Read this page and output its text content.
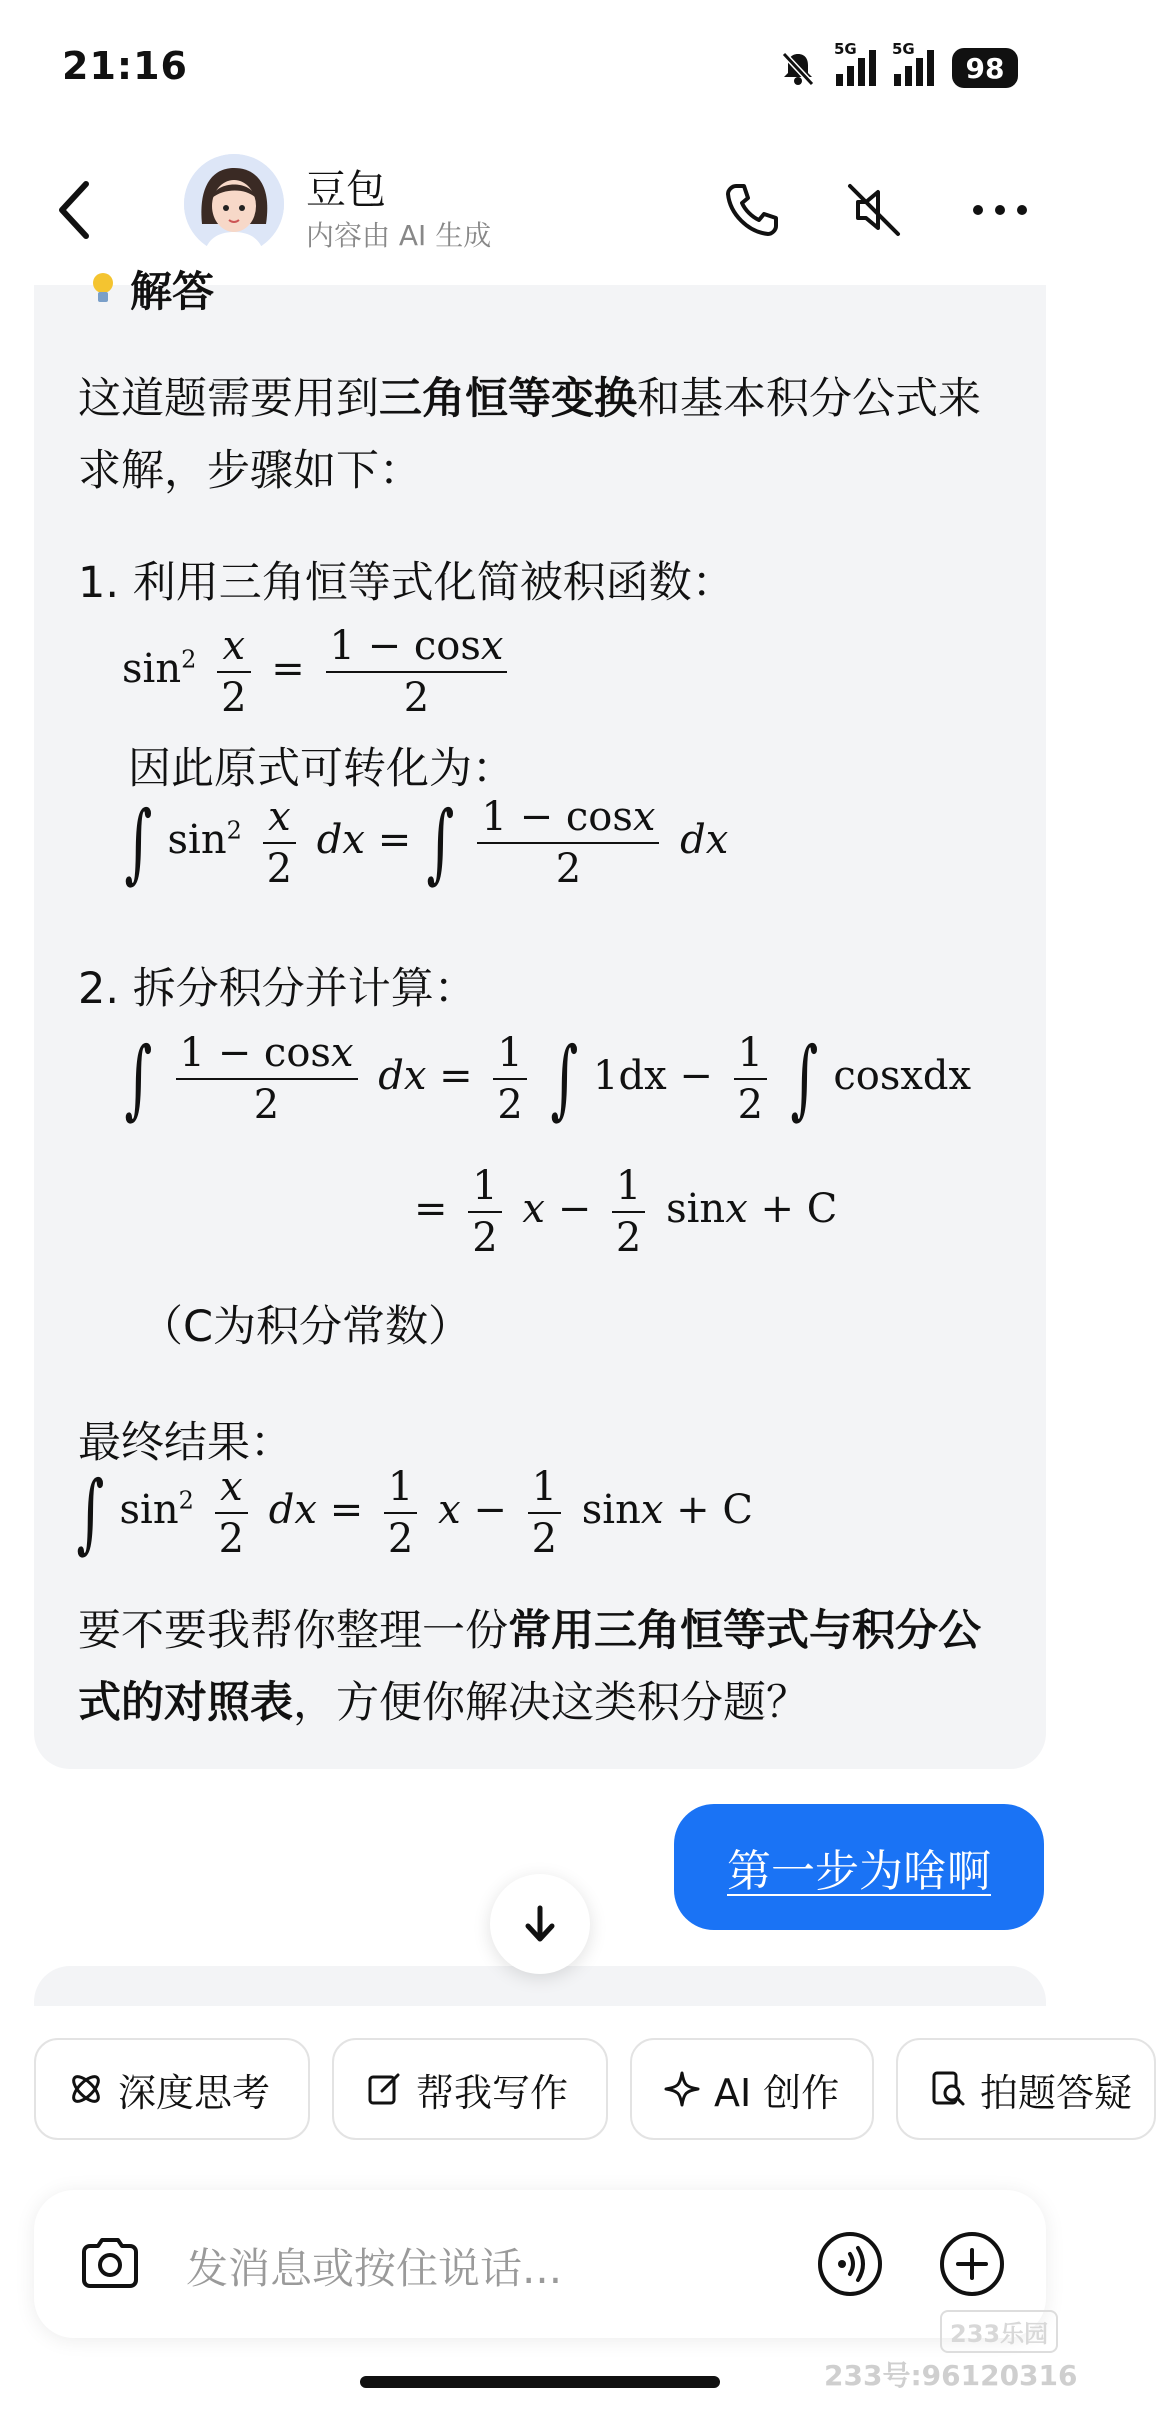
21:16	5G 5G
98
豆包
内容由 AI 生成
解答
这道题需要用到三角恒等变换和基本积分公式来求解，步骤如下：
1. 利用三角恒等式化简被积函数：
$\sin^2 \frac{x}{2} = \frac{1 - \cos x}{2}$
因此原式可转化为：
∫ $\sin^2 \frac{x}{2}$ dx = ∫ $\frac{1 - \cos x}{2}$ dx
2. 拆分积分并计算：
∫ $\frac{1 - \cos x}{2}$ dx = $\frac{1}{2}$ ∫ $1dx - \frac{1}{2}$ ∫ cosxdx
= $\frac{1}{2}$ $x - \frac{1}{2}$ sinx + C
（C为积分常数）
最终结果：
∫ $\sin^2 \frac{x}{2}$ dx = $\frac{1}{2}$ $x - \frac{1}{2}$ sinx + C
要不要我帮你整理一份常用三角恒等式与积分公式的对照表，方便你解决这类积分题？
第一步为啥啊
深度思考	帮我写作	AI 创作	拍题答疑
发消息或按住说话...
233乐园
233号:96120316
